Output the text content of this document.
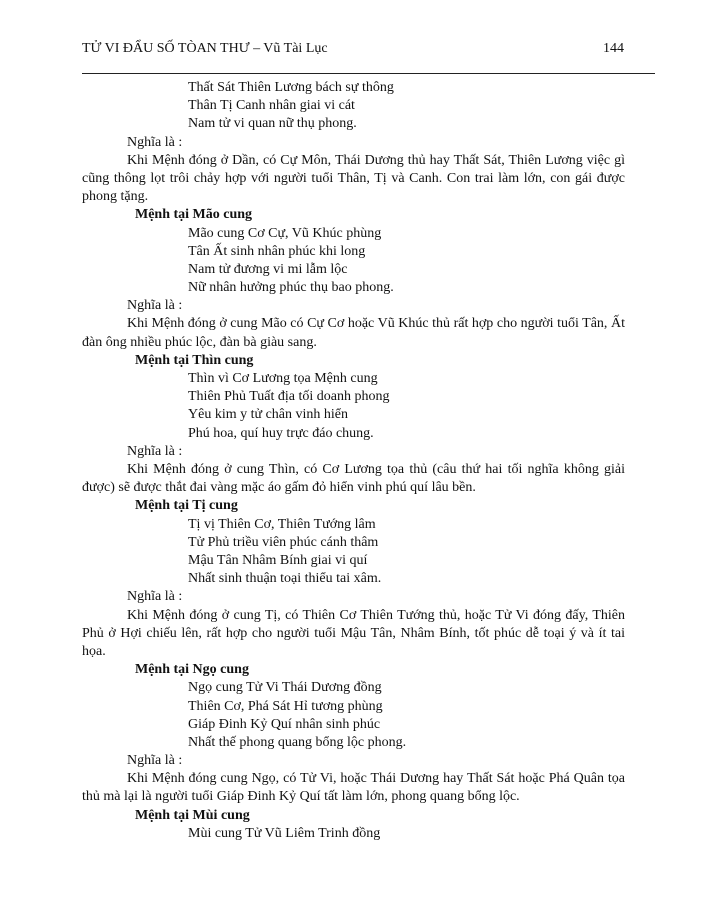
TỬ VI ĐẨU SỐ TÒAN THƯ – Vũ Tài Lục	144
Thất Sát Thiên Lương bách sự thông
Thân Tị Canh nhân giai vi cát
Nam tử vi quan nữ thụ phong.
Nghĩa là :
Khi Mệnh đóng ở Dần, có Cự Môn, Thái Dương thủ hay Thất Sát, Thiên Lương việc gì cũng thông lọt trôi chảy hợp với người tuổi Thân, Tị và Canh. Con trai làm lớn, con gái được phong tặng.
Mệnh tại Mão cung
Mão cung Cơ Cự, Vũ Khúc phùng
Tân Ất sinh nhân phúc khi long
Nam tử đương vi mi lẫm lộc
Nữ nhân hưởng phúc thụ bao phong.
Nghĩa là :
Khi Mệnh đóng ở cung Mão có Cự Cơ hoặc Vũ Khúc thủ rất hợp cho người tuổi Tân, Ất đàn ông nhiều phúc lộc, đàn bà giàu sang.
Mệnh tại Thìn cung
Thìn vì Cơ Lương tọa Mệnh cung
Thiên Phủ Tuất địa tối doanh phong
Yêu kim y tử chân vinh hiển
Phú hoa, quí huy trực đáo chung.
Nghĩa là :
Khi Mệnh đóng ở cung Thìn, có Cơ Lương tọa thủ (câu thứ hai tối nghĩa không giải được) sẽ được thắt đai vàng mặc áo gấm đỏ hiển vinh phú quí lâu bền.
Mệnh tại Tị cung
Tị vị Thiên Cơ, Thiên Tướng lâm
Tử Phủ triều viên phúc cánh thâm
Mậu Tân Nhâm Bính giai vi quí
Nhất sinh thuận toại thiểu tai xâm.
Nghĩa là :
Khi Mệnh đóng ở cung Tị, có Thiên Cơ Thiên Tướng thủ, hoặc Tử Vi đóng đấy, Thiên Phủ ở Hợi chiếu lên, rất hợp cho người tuổi Mậu Tân, Nhâm Bính, tốt phúc dễ toại ý và ít tai họa.
Mệnh tại Ngọ cung
Ngọ cung Tử Vi Thái Dương đồng
Thiên Cơ, Phá Sát Hỉ tương phùng
Giáp Đinh Kỷ Quí nhân sinh phúc
Nhất thế phong quang bổng lộc phong.
Nghĩa là :
Khi Mệnh đóng cung Ngọ, có Tử Vi, hoặc Thái Dương hay Thất Sát hoặc Phá Quân tọa thủ mà lại là người tuổi Giáp Đinh Kỷ Quí tất làm lớn, phong quang bổng lộc.
Mệnh tại Mùi cung
Mùi cung Tử Vũ Liêm Trinh đồng
